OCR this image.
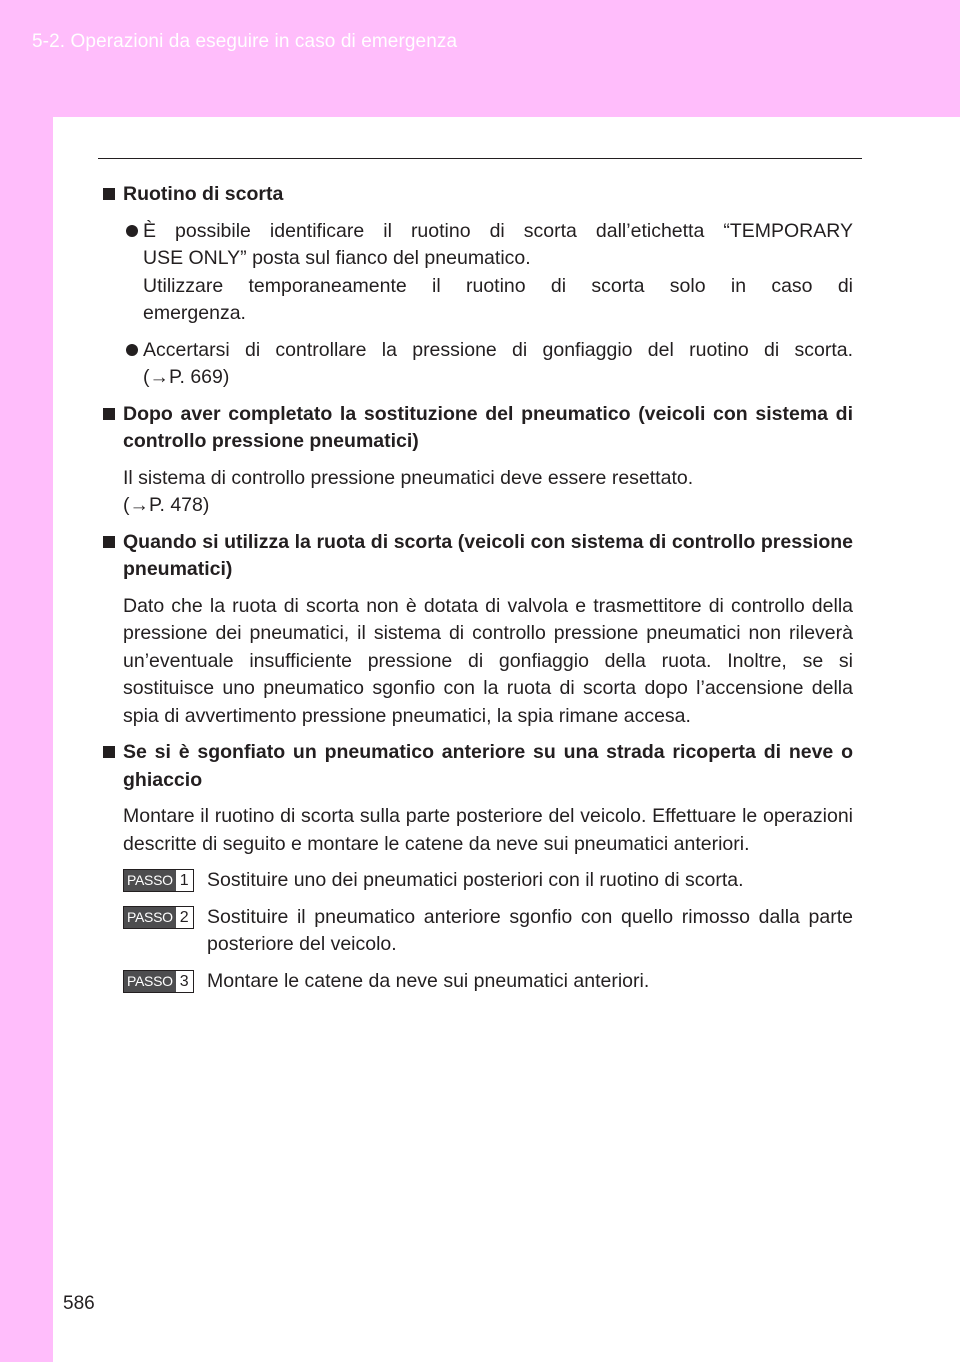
5-2. Operazioni da eseguire in caso di emergenza
Ruotino di scorta
È possibile identificare il ruotino di scorta dall’etichetta “TEMPORARY
USE ONLY” posta sul fianco del pneumatico.
Utilizzare temporaneamente il ruotino di scorta solo in caso di
emergenza.
Accertarsi di controllare la pressione di gonfiaggio del ruotino di scorta.
(→P. 669)
Dopo aver completato la sostituzione del pneumatico (veicoli con sistema di controllo pressione pneumatici)
Il sistema di controllo pressione pneumatici deve essere resettato.
(→P. 478)
Quando si utilizza la ruota di scorta (veicoli con sistema di controllo pressione pneumatici)
Dato che la ruota di scorta non è dotata di valvola e trasmettitore di controllo della pressione dei pneumatici, il sistema di controllo pressione pneumatici non rileverà un’eventuale insufficiente pressione di gonfiaggio della ruota. Inoltre, se si sostituisce uno pneumatico sgonfio con la ruota di scorta dopo l’accensione della spia di avvertimento pressione pneumatici, la spia rimane accesa.
Se si è sgonfiato un pneumatico anteriore su una strada ricoperta di neve o ghiaccio
Montare il ruotino di scorta sulla parte posteriore del veicolo. Effettuare le operazioni descritte di seguito e montare le catene da neve sui pneumatici anteriori.
PASSO 1 Sostituire uno dei pneumatici posteriori con il ruotino di scorta.
PASSO 2 Sostituire il pneumatico anteriore sgonfio con quello rimosso dalla parte posteriore del veicolo.
PASSO 3 Montare le catene da neve sui pneumatici anteriori.
586
